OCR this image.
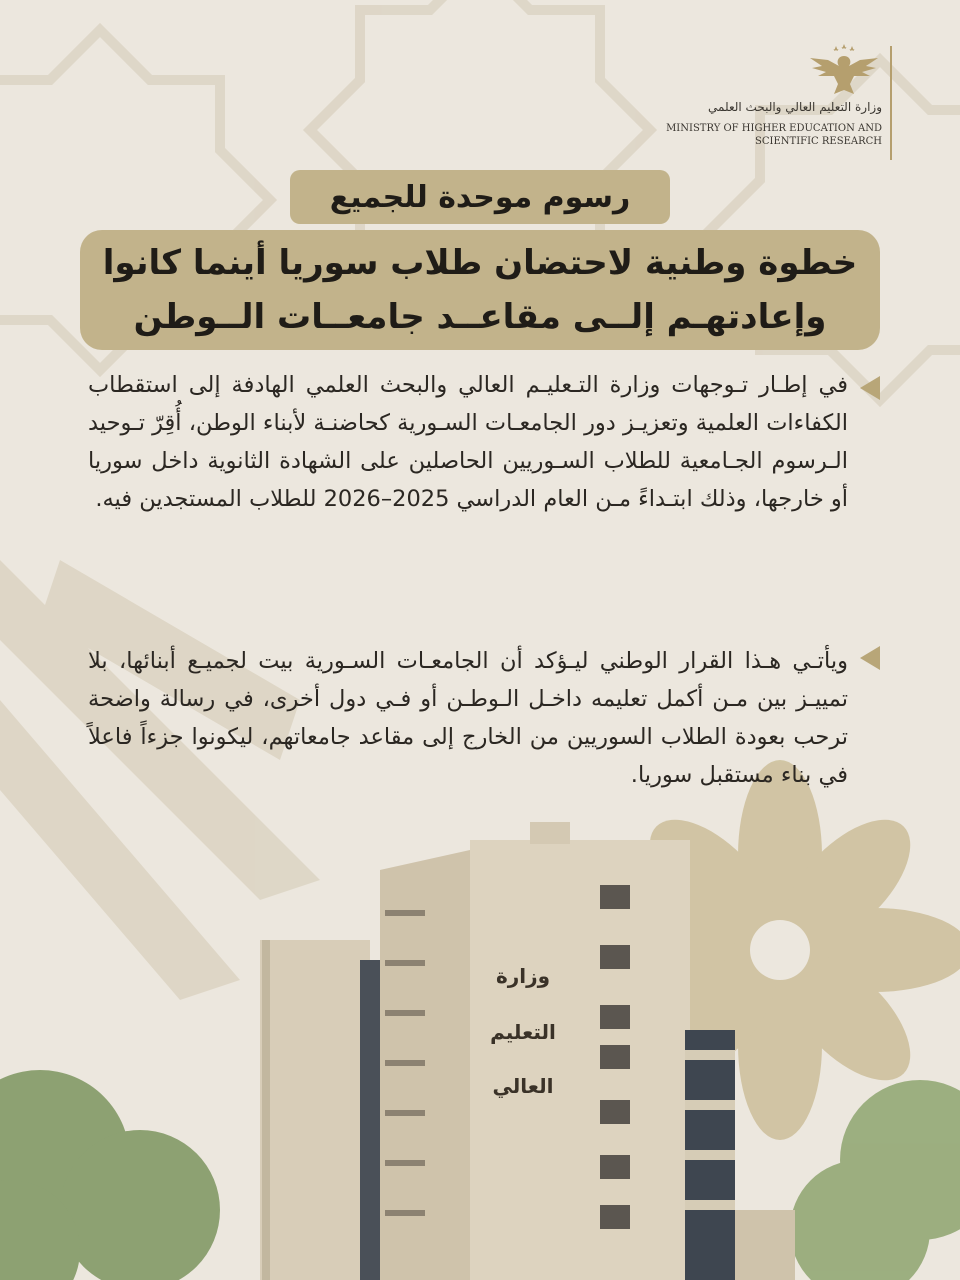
وزارة التعليم العالي والبحث العلمي
MINISTRY OF HIGHER EDUCATION AND
SCIENTIFIC RESEARCH
رسوم موحدة للجميع
خطوة وطنية لاحتضان طلاب سوريا أينما كانوا
وإعادتهـم إلــى مقاعــد جامعــات الــوطن
في إطـار تـوجهات وزارة التـعليـم العالي والبحث العلمي الهادفة إلى استقطاب الكفاءات العلمية وتعزيـز دور الجامعـات السـورية كحاضنـة لأبناء الوطن، أُقِرّ تـوحيد الـرسوم الجـامعية للطلاب السـوريين الحاصلين على الشهادة الثانوية داخل سوريا أو خارجها، وذلك ابتـداءً مـن العام الدراسي 2025–2026 للطلاب المستجدين فيه.
ويأتـي هـذا القرار الوطني ليـؤكد أن الجامعـات السـورية بيت لجميـع أبنائها، بلا تمييـز بين مـن أكمل تعليمه داخـل الـوطـن أو فـي دول أخرى، في رسالة واضحة ترحب بعودة الطلاب السوريين من الخارج إلى مقاعد جامعاتهم، ليكونوا جزءاً فاعلاً في بناء مستقبل سوريا.
وزارة
التعليم
العالي
